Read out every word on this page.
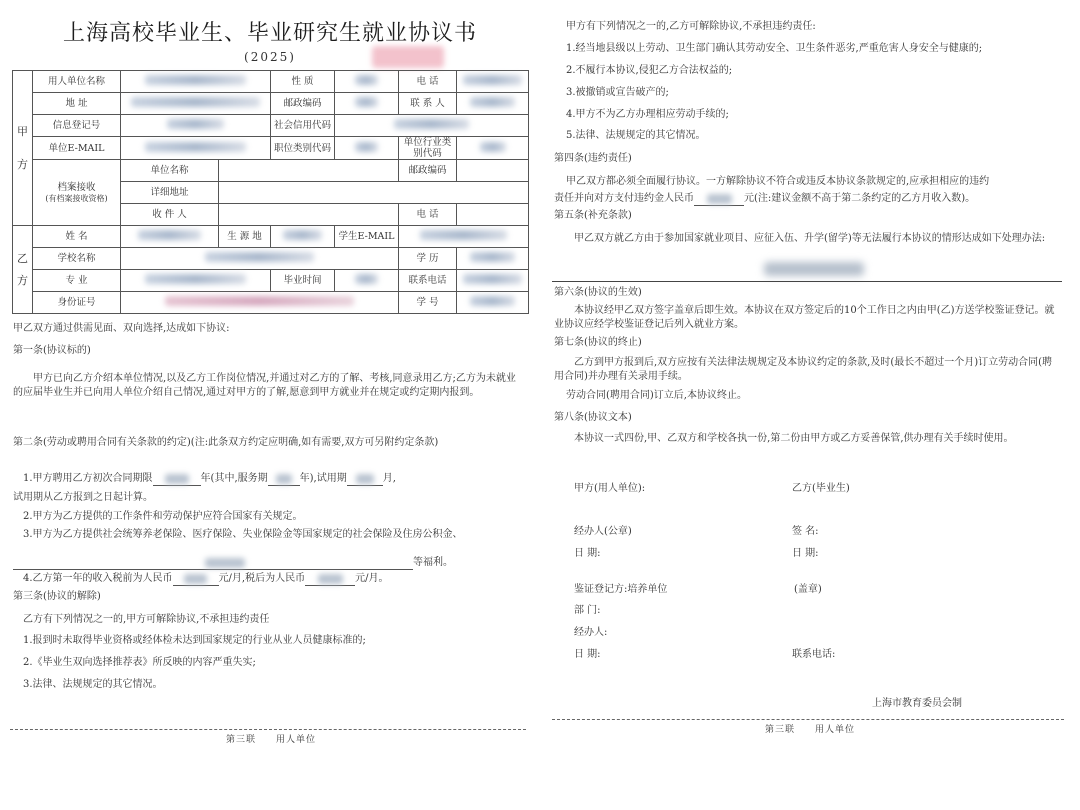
上海高校毕业生、毕业研究生就业协议书
(2025)
甲

方	用人单位名称			性 质		电 话	
	地 址			邮政编码		联 系 人	
	信息登记号			社会信用代码			
	单位E-MAIL			职位类别代码		单位行业类别代码	
	档案接收
(有档案接收资格)	单位名称				邮政编码	
		详细地址					
		收 件 人				电 话	
乙

方	姓 名		生 源 地		学生E-MAIL		
	学校名称					学 历	
	专 业			毕业时间		联系电话	
	身份证号					学 号	
甲乙双方通过供需见面、双向选择,达成如下协议:
第一条(协议标的)
甲方已向乙方介绍本单位情况,以及乙方工作岗位情况,并通过对乙方的了解、考核,同意录用乙方;乙方为未就业的应届毕业生并已向用人单位介绍自己情况,通过对甲方的了解,愿意到甲方就业并在规定或约定期内报到。
第二条(劳动或聘用合同有关条款的约定)(注:此条双方约定应明确,如有需要,双方可另附约定条款)
1.甲方聘用乙方初次合同期限	年(其中,服务期	年),试用期	月,
试用期从乙方报到之日起计算。
2.甲方为乙方提供的工作条件和劳动保护应符合国家有关规定。
3.甲方为乙方提供社会统筹养老保险、医疗保险、失业保险金等国家规定的社会保险及住房公积金、
等福利。
4.乙方第一年的收入税前为人民币	元/月,税后为人民币	元/月。
第三条(协议的解除)
乙方有下列情况之一的,甲方可解除协议,不承担违约责任
1.报到时未取得毕业资格或经体检未达到国家规定的行业从业人员健康标准的;
2.《毕业生双向选择推荐表》所反映的内容严重失实;
3.法律、法规规定的其它情况。
第三联 用人单位
甲方有下列情况之一的,乙方可解除协议,不承担违约责任:
1.经当地县级以上劳动、卫生部门确认其劳动安全、卫生条件恶劣,严重危害人身安全与健康的;
2.不履行本协议,侵犯乙方合法权益的;
3.被撤销或宣告破产的;
4.甲方不为乙方办理相应劳动手续的;
5.法律、法规规定的其它情况。
第四条(违约责任)
甲乙双方都必须全面履行协议。一方解除协议不符合或违反本协议条款规定的,应承担相应的违约
责任并向对方支付违约金人民币	元(注:建议金额不高于第二条约定的乙方月收入数)。
第五条(补充条款)
甲乙双方就乙方由于参加国家就业项目、应征入伍、升学(留学)等无法履行本协议的情形达成如下处理办法:
第六条(协议的生效)
本协议经甲乙双方签字盖章后即生效。本协议在双方签定后的10个工作日之内由甲(乙)方送学校鉴证登记。就业协议应经学校鉴证登记后列入就业方案。
第七条(协议的终止)
乙方到甲方报到后,双方应按有关法律法规规定及本协议约定的条款,及时(最长不超过一个月)订立劳动合同(聘用合同)并办理有关录用手续。
劳动合同(聘用合同)订立后,本协议终止。
第八条(协议文本)
本协议一式四份,甲、乙双方和学校各执一份,第二份由甲方或乙方妥善保管,供办理有关手续时使用。
甲方(用人单位):	乙方(毕业生)
经办人(公章)	签 名:
日 期:	日 期:
鉴证登记方:培养单位	(盖章)
部 门:
经办人:
日 期:	联系电话:
上海市教育委员会制
第三联 用人单位
